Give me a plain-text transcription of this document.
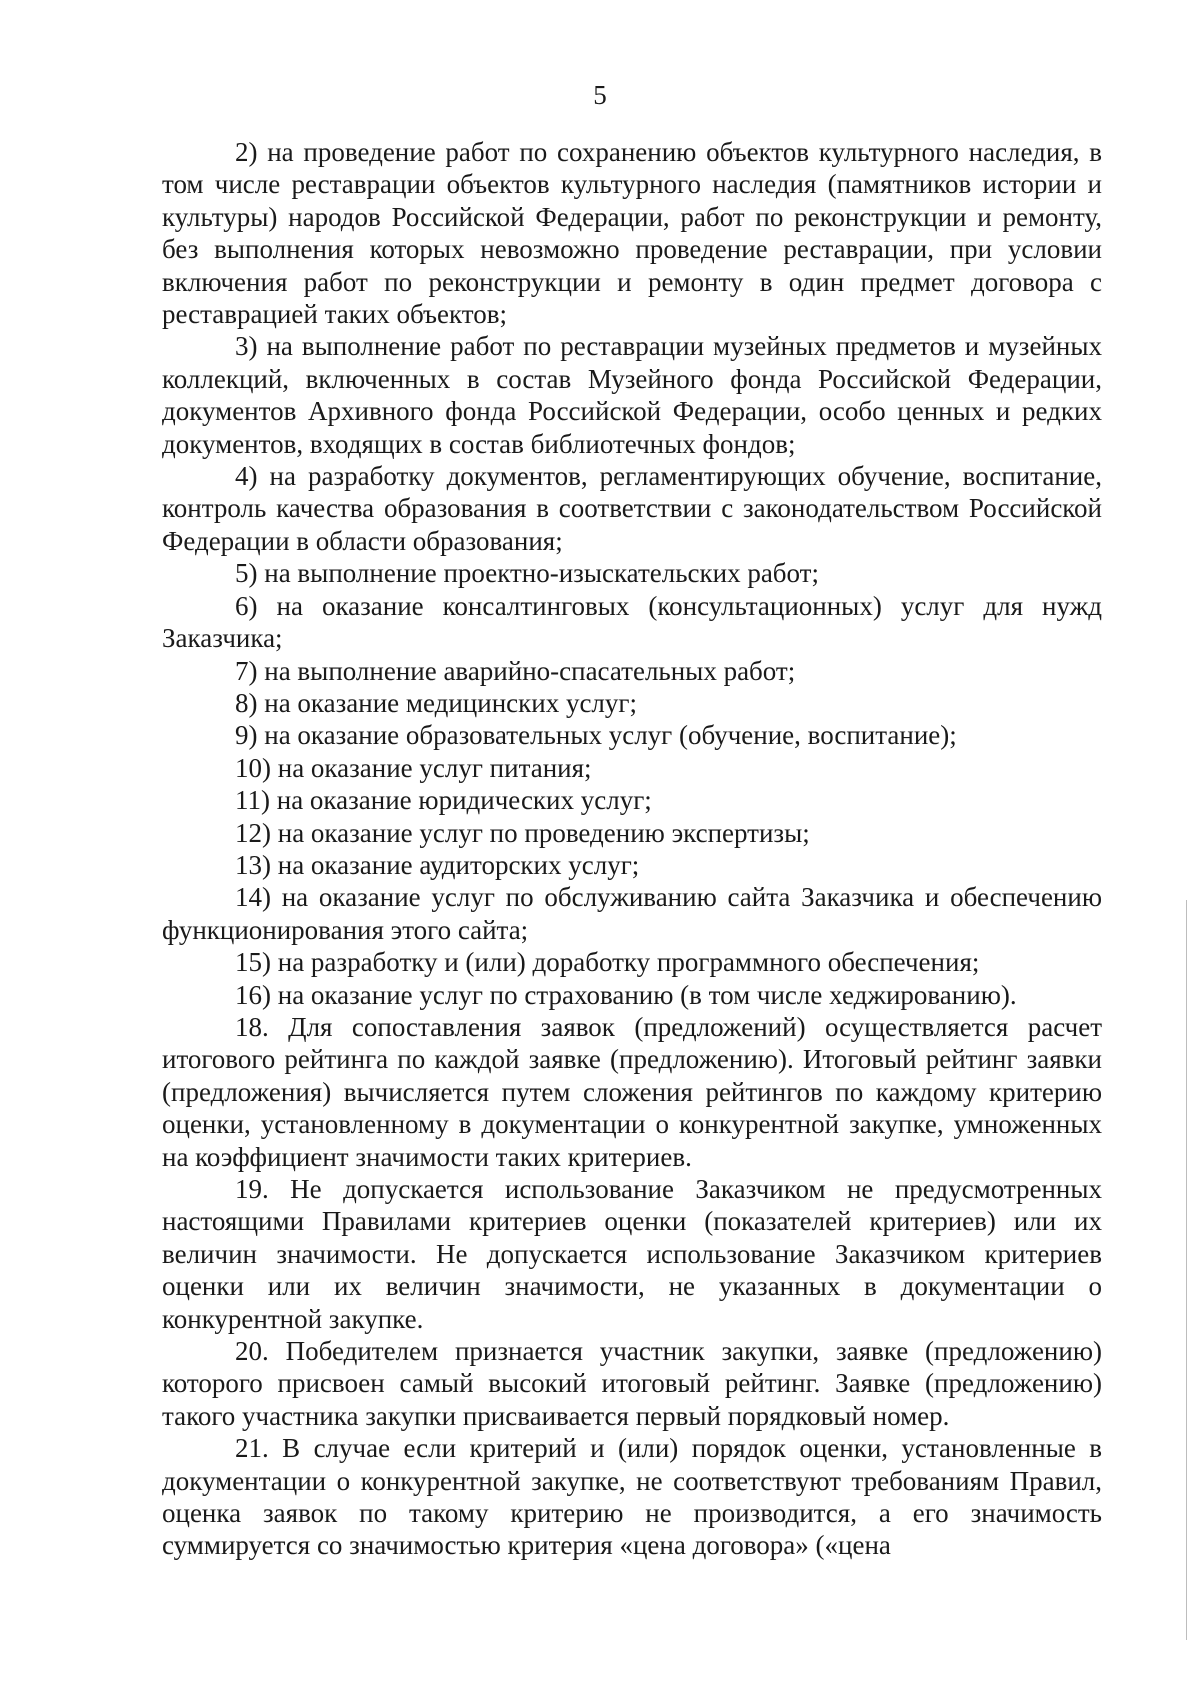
5

2) на проведение работ по сохранению объектов культурного наследия, в том числе реставрации объектов культурного наследия (памятников истории и культуры) народов Российской Федерации, работ по реконструкции и ремонту, без выполнения которых невозможно проведение реставрации, при условии включения работ по реконструкции и ремонту в один предмет договора с реставрацией таких объектов;

3) на выполнение работ по реставрации музейных предметов и музейных коллекций, включенных в состав Музейного фонда Российской Федерации, документов Архивного фонда Российской Федерации, особо ценных и редких документов, входящих в состав библиотечных фондов;

4) на разработку документов, регламентирующих обучение, воспитание, контроль качества образования в соответствии с законодательством Российской Федерации в области образования;

5) на выполнение проектно-изыскательских работ;

6) на оказание консалтинговых (консультационных) услуг для нужд Заказчика;

7) на выполнение аварийно-спасательных работ;

8) на оказание медицинских услуг;

9) на оказание образовательных услуг (обучение, воспитание);

10) на оказание услуг питания;

11) на оказание юридических услуг;

12) на оказание услуг по проведению экспертизы;

13) на оказание аудиторских услуг;

14) на оказание услуг по обслуживанию сайта Заказчика и обеспечению функционирования этого сайта;

15) на разработку и (или) доработку программного обеспечения;

16) на оказание услуг по страхованию (в том числе хеджированию).

18. Для сопоставления заявок (предложений) осуществляется расчет итогового рейтинга по каждой заявке (предложению). Итоговый рейтинг заявки (предложения) вычисляется путем сложения рейтингов по каждому критерию оценки, установленному в документации о конкурентной закупке, умноженных на коэффициент значимости таких критериев.

19. Не допускается использование Заказчиком не предусмотренных настоящими Правилами критериев оценки (показателей критериев) или их величин значимости. Не допускается использование Заказчиком критериев оценки или их величин значимости, не указанных в документации о конкурентной закупке.

20. Победителем признается участник закупки, заявке (предложению) которого присвоен самый высокий итоговый рейтинг. Заявке (предложению) такого участника закупки присваивается первый порядковый номер.

21. В случае если критерий и (или) порядок оценки, установленные в документации о конкурентной закупке, не соответствуют требованиям Правил, оценка заявок по такому критерию не производится, а его значимость суммируется со значимостью критерия «цена договора» («цена
